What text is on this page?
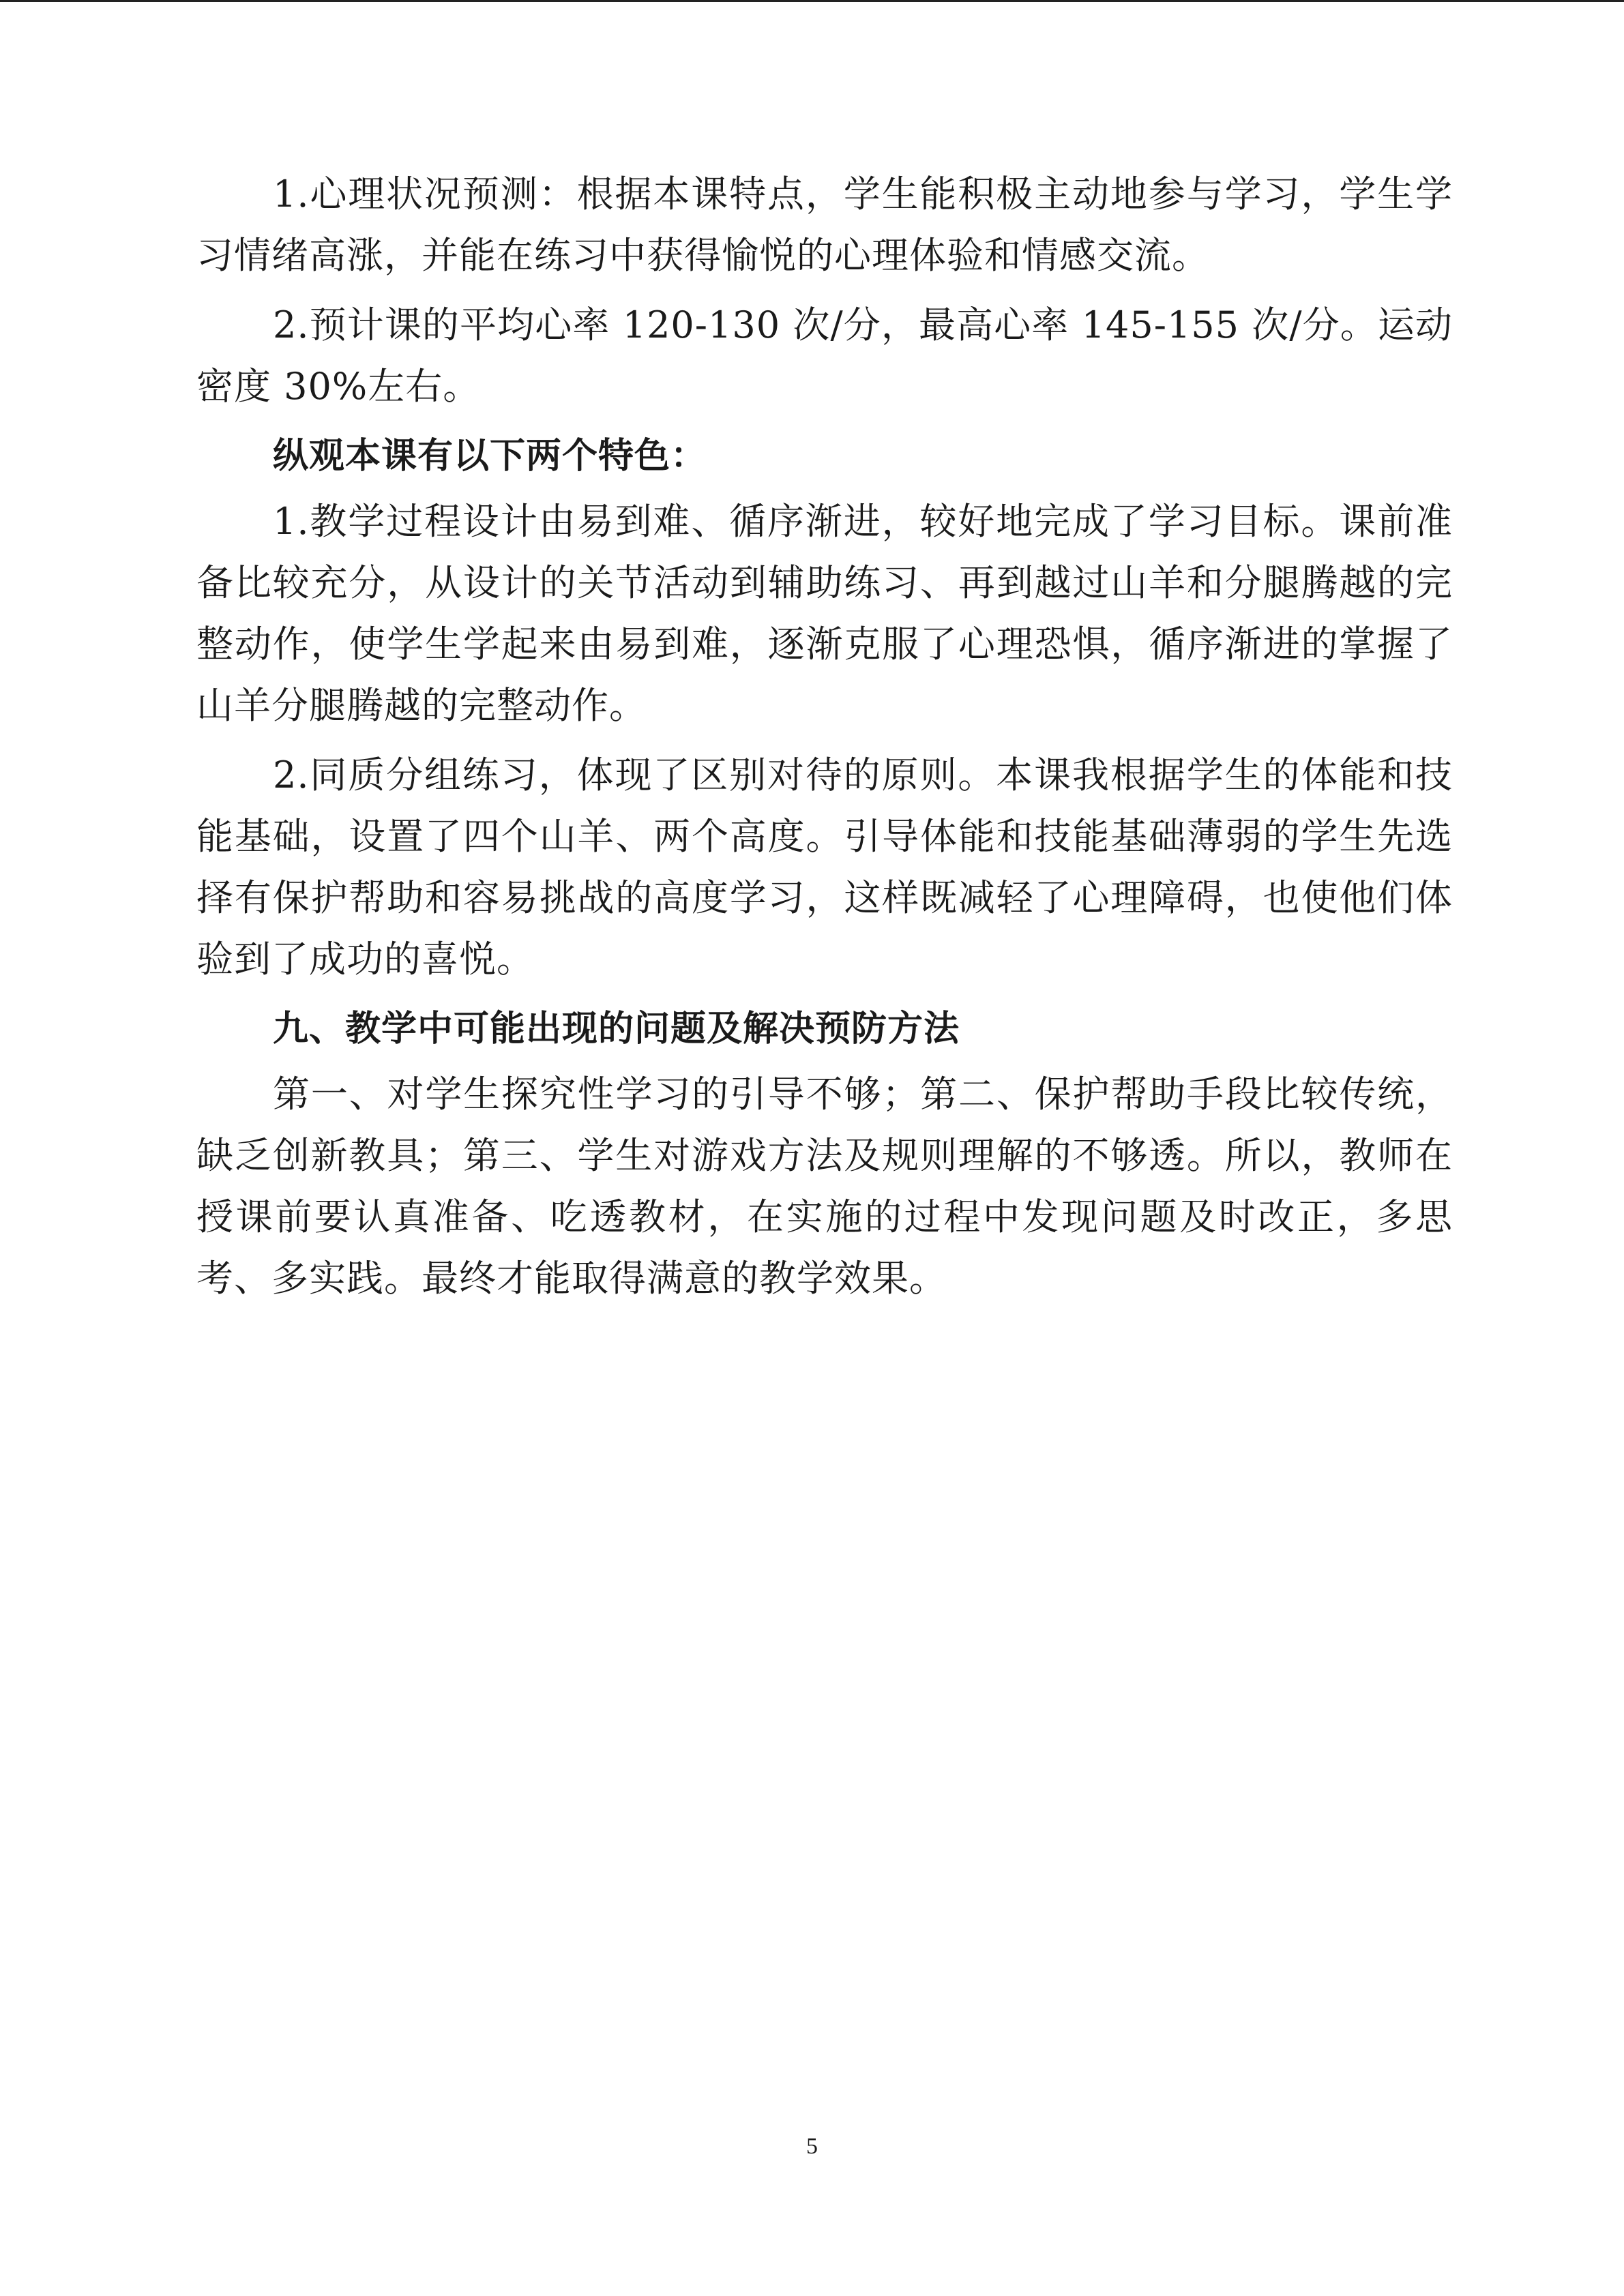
1.心理状况预测：根据本课特点，学生能积极主动地参与学习，学生学习情绪高涨，并能在练习中获得愉悦的心理体验和情感交流。

2.预计课的平均心率 120-130 次/分，最高心率 145-155 次/分。运动密度 30%左右。

纵观本课有以下两个特色：

1.教学过程设计由易到难、循序渐进，较好地完成了学习目标。课前准备比较充分，从设计的关节活动到辅助练习、再到越过山羊和分腿腾越的完整动作，使学生学起来由易到难，逐渐克服了心理恐惧，循序渐进的掌握了山羊分腿腾越的完整动作。

2.同质分组练习，体现了区别对待的原则。本课我根据学生的体能和技能基础，设置了四个山羊、两个高度。引导体能和技能基础薄弱的学生先选择有保护帮助和容易挑战的高度学习，这样既减轻了心理障碍，也使他们体验到了成功的喜悦。

九、教学中可能出现的问题及解决预防方法

第一、对学生探究性学习的引导不够；第二、保护帮助手段比较传统，缺乏创新教具；第三、学生对游戏方法及规则理解的不够透。所以，教师在授课前要认真准备、吃透教材，在实施的过程中发现问题及时改正，多思考、多实践。最终才能取得满意的教学效果。

5
